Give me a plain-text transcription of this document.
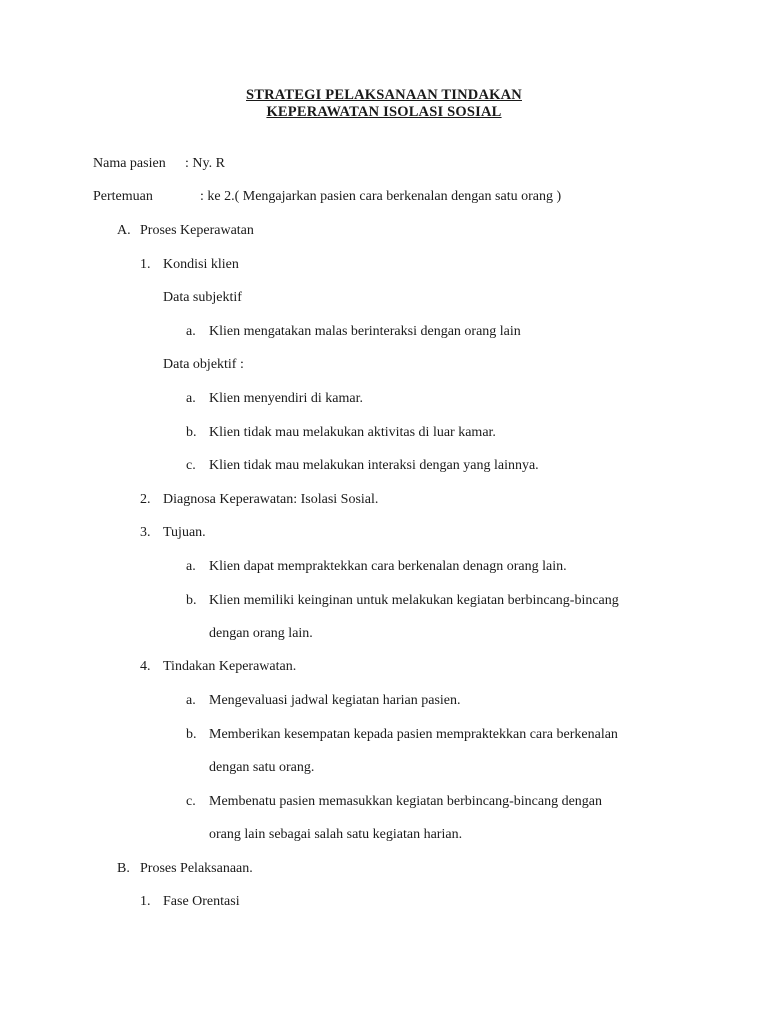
STRATEGI PELAKSANAAN TINDAKAN
KEPERAWATAN ISOLASI SOSIAL
Nama pasien : Ny. R
Pertemuan	: ke 2.( Mengajarkan pasien cara berkenalan dengan satu orang )
A. Proses Keperawatan
1. Kondisi klien
Data subjektif
a. Klien mengatakan malas berinteraksi dengan orang lain
Data objektif :
a. Klien menyendiri di kamar.
b. Klien tidak mau melakukan aktivitas di luar kamar.
c. Klien tidak mau melakukan interaksi dengan yang lainnya.
2. Diagnosa Keperawatan: Isolasi Sosial.
3. Tujuan.
a. Klien dapat mempraktekkan cara berkenalan denagn orang lain.
b. Klien memiliki keinginan untuk melakukan kegiatan berbincang-bincang
dengan orang lain.
4. Tindakan Keperawatan.
a. Mengevaluasi jadwal kegiatan harian pasien.
b. Memberikan kesempatan kepada pasien mempraktekkan cara berkenalan
dengan satu orang.
c. Membenatu pasien memasukkan kegiatan berbincang-bincang dengan
orang lain sebagai salah satu kegiatan harian.
B. Proses Pelaksanaan.
1. Fase Orentasi
